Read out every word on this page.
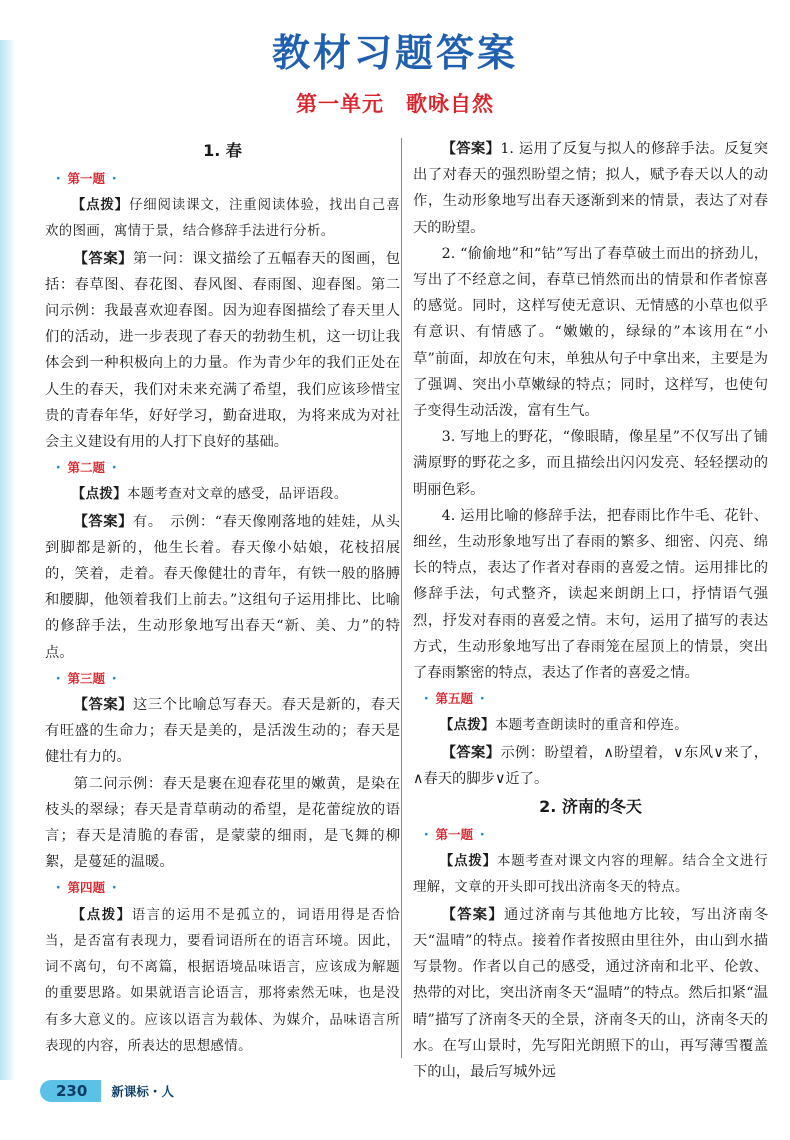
教材习题答案
第一单元　歌咏自然
1. 春
・ 第一题 ・

【点拨】仔细阅读课文，注重阅读体验，找出自己喜欢的图画，寓情于景，结合修辞手法进行分析。

【答案】第一问：课文描绘了五幅春天的图画，包括：春草图、春花图、春风图、春雨图、迎春图。第二问示例：我最喜欢迎春图。因为迎春图描绘了春天里人们的活动，进一步表现了春天的勃勃生机，这一切让我体会到一种积极向上的力量。作为青少年的我们正处在人生的春天，我们对未来充满了希望，我们应该珍惜宝贵的青春年华，好好学习，勤奋进取，为将来成为对社会主义建设有用的人打下良好的基础。

・ 第二题 ・

【点拨】本题考查对文章的感受，品评语段。

【答案】有。　示例：“春天像刚落地的娃娃，从头到脚都是新的，他生长着。春天像小姑娘，花枝招展的，笑着，走着。春天像健壮的青年，有铁一般的胳膊和腰脚，他领着我们上前去。”这组句子运用排比、比喻的修辞手法，生动形象地写出春天“新、美、力”的特点。

・ 第三题 ・

【答案】这三个比喻总写春天。春天是新的，春天有旺盛的生命力；春天是美的，是活泼生动的；春天是健壮有力的。

第二问示例：春天是裹在迎春花里的嫩黄，是染在枝头的翠绿；春天是青草萌动的希望，是花蕾绽放的语言；春天是清脆的春雷，是蒙蒙的细雨，是飞舞的柳絮，是蔓延的温暖。

・ 第四题 ・

【点拨】语言的运用不是孤立的，词语用得是否恰当，是否富有表现力，要看词语所在的语言环境。因此，词不离句，句不离篇，根据语境品味语言，应该成为解题的重要思路。如果就语言论语言，那将索然无味，也是没有多大意义的。应该以语言为载体、为媒介，品味语言所表现的内容，所表达的思想感情。

【答案】1. 运用了反复与拟人的修辞手法。反复突出了对春天的强烈盼望之情；拟人，赋予春天以人的动作，生动形象地写出春天逐渐到来的情景，表达了对春天的盼望。

2. “偷偷地”和“钻”写出了春草破土而出的挤劲儿，写出了不经意之间，春草已悄然而出的情景和作者惊喜的感觉。同时，这样写使无意识、无情感的小草也似乎有意识、有情感了。“嫩嫩的，绿绿的”本该用在“小草”前面，却放在句末，单独从句子中拿出来，主要是为了强调、突出小草嫩绿的特点；同时，这样写，也使句子变得生动活泼，富有生气。

3. 写地上的野花，“像眼睛，像星星”不仅写出了铺满原野的野花之多，而且描绘出闪闪发亮、轻轻摆动的明丽色彩。

4. 运用比喻的修辞手法，把春雨比作牛毛、花针、细丝，生动形象地写出了春雨的繁多、细密、闪亮、绵长的特点，表达了作者对春雨的喜爱之情。运用排比的修辞手法，句式整齐，读起来朗朗上口，抒情语气强烈，抒发对春雨的喜爱之情。末句，运用了描写的表达方式，生动形象地写出了春雨笼在屋顶上的情景，突出了春雨繁密的特点，表达了作者的喜爱之情。

・ 第五题 ・

【点拨】本题考查朗读时的重音和停连。

【答案】示例：盼望着，∧盼望着，∨东风∨来了，∧春天的脚步∨近了。

2. 济南的冬天
・ 第一题 ・

【点拨】本题考查对课文内容的理解。结合全文进行理解，文章的开头即可找出济南冬天的特点。

【答案】通过济南与其他地方比较，写出济南冬天“温晴”的特点。接着作者按照由里往外，由山到水描写景物。作者以自己的感受，通过济南和北平、伦敦、热带的对比，突出济南冬天“温晴”的特点。然后扣紧“温晴”描写了济南冬天的全景，济南冬天的山，济南冬天的水。在写山景时，先写阳光朗照下的山，再写薄雪覆盖下的山，最后写城外远

230	新课标・人
